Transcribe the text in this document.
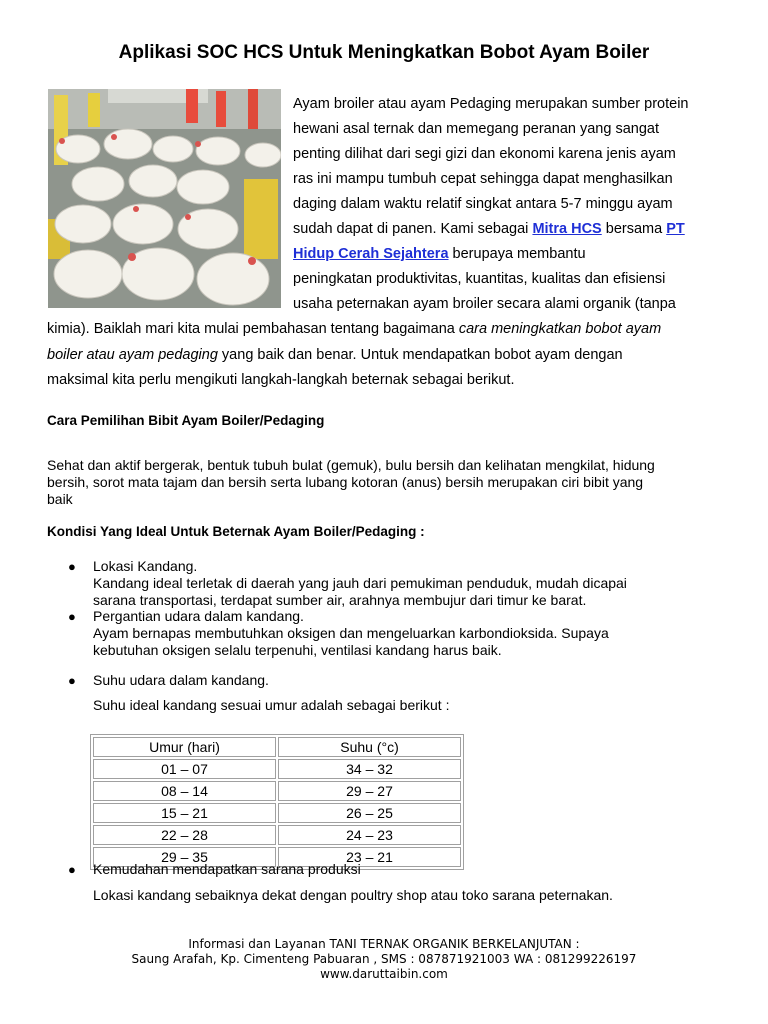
Aplikasi SOC HCS Untuk Meningkatkan Bobot Ayam Boiler

Ayam broiler atau ayam Pedaging merupakan sumber protein

hewani asal ternak dan memegang peranan yang sangat

penting dilihat dari segi gizi dan ekonomi karena jenis ayam

ras ini mampu tumbuh cepat sehingga dapat menghasilkan

daging dalam waktu relatif singkat antara 5-7 minggu ayam

sudah dapat di panen. Kami sebagai Mitra HCS bersama PT

Hidup Cerah Sejahtera berupaya membantu

peningkatan produktivitas, kuantitas, kualitas dan efisiensi

usaha peternakan ayam broiler secara alami organik (tanpa

kimia). Baiklah mari kita mulai pembahasan tentang bagaimana cara meningkatkan bobot ayam

boiler atau ayam pedaging yang baik dan benar. Untuk mendapatkan bobot ayam dengan

maksimal kita perlu mengikuti langkah-langkah beternak sebagai berikut.

Cara Pemilihan Bibit Ayam Boiler/Pedaging

Sehat dan aktif bergerak, bentuk tubuh bulat (gemuk), bulu bersih dan kelihatan mengkilat, hidung
bersih, sorot mata tajam dan bersih serta lubang kotoran (anus) bersih merupakan ciri bibit yang
baik

Kondisi Yang Ideal Untuk Beternak Ayam Boiler/Pedaging :
● Lokasi Kandang.
Kandang ideal terletak di daerah yang jauh dari pemukiman penduduk, mudah dicapai
sarana transportasi, terdapat sumber air, arahnya membujur dari timur ke barat.
● Pergantian udara dalam kandang.
Ayam bernapas membutuhkan oksigen dan mengeluarkan karbondioksida. Supaya
kebutuhan oksigen selalu terpenuhi, ventilasi kandang harus baik.
● Suhu udara dalam kandang.

Suhu ideal kandang sesuai umur adalah sebagai berikut :

Umur (hari)	Suhu (°c)
01 – 07	34 – 32
08 – 14	29 – 27
15 – 21	26 – 25
22 – 28	24 – 23
29 – 35	23 – 21
● Kemudahan mendapatkan sarana produksi

Lokasi kandang sebaiknya dekat dengan poultry shop atau toko sarana peternakan.

Informasi dan Layanan TANI TERNAK ORGANIK BERKELANJUTAN :
Saung Arafah, Kp. Cimenteng Pabuaran , SMS : 087871921003 WA : 081299226197
www.daruttaibin.com
